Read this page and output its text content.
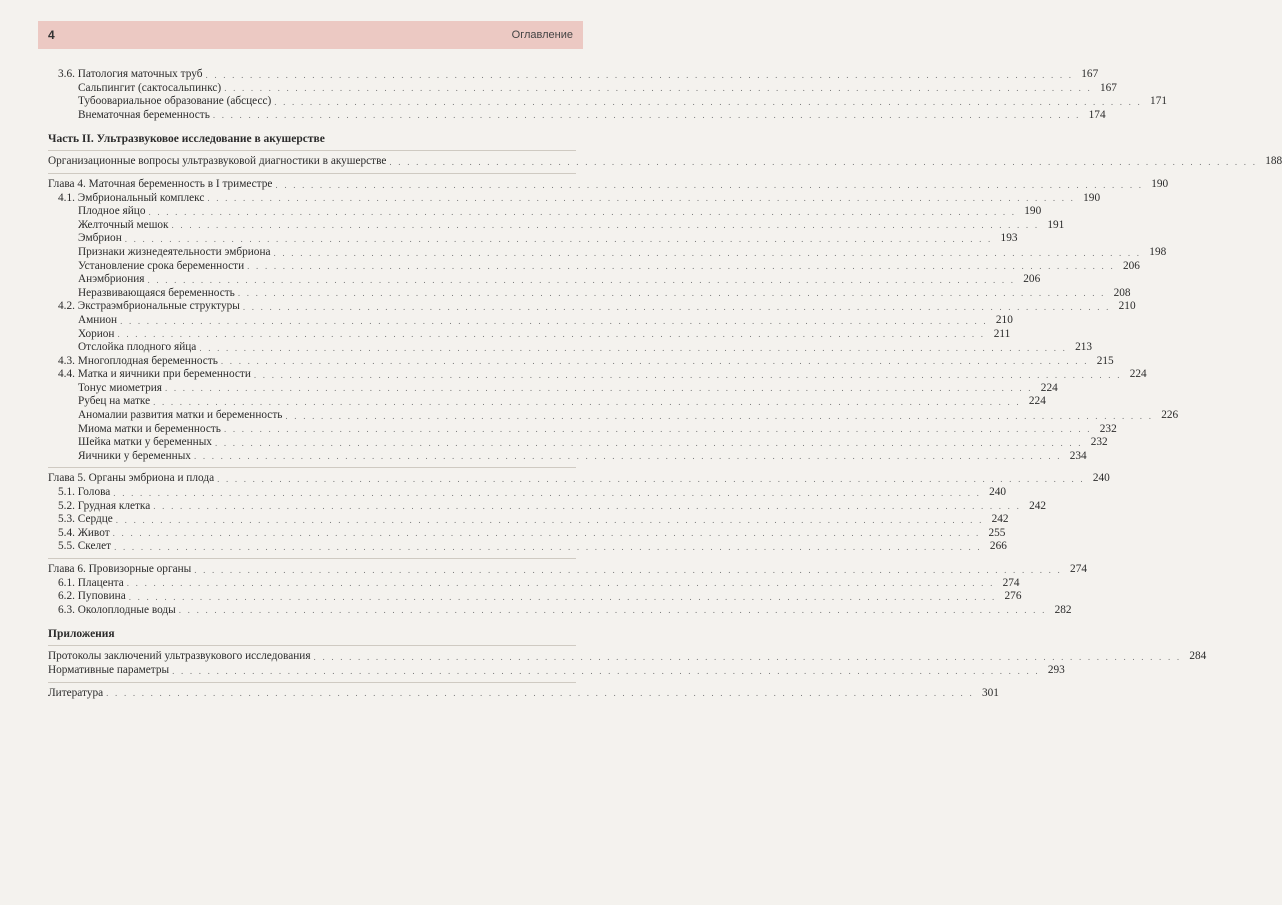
4	Оглавление
3.6. Патология маточных труб . . . . . . . . . . . . . . . . . . . . . . . . . . . . . . . . . . . . . . . . . . . . . . . . . . . . . . . . . . . . . . . . . . . . . . . . . . . . . . . . . . . . . . . . . . . . . . . . . . 167
Сальпингит (сактосальпинкс) . . . . . . . . . . . . . . . . . . . . . . . . . . . . . . . . . . . . . . . . . . . . . . . . . . . . . . . . . . . . . . . . . . . . . . . . . . . . . . . . . . . . . . . . . . . . . . . . . . 167
Тубоовариальное образование (абсцесс) . . . . . . . . . . . . . . . . . . . . . . . . . . . . . . . . . . . . . . . . . . . . . . . . . . . . . . . . . . . . . . . . . . . . . . . . . . . . . . . . . . . . . . . . . . . . . . . . . . 171
Внематочная беременность . . . . . . . . . . . . . . . . . . . . . . . . . . . . . . . . . . . . . . . . . . . . . . . . . . . . . . . . . . . . . . . . . . . . . . . . . . . . . . . . . . . . . . . . . . . . . . . . . . 174
Часть II. Ультразвуковое исследование в акушерстве
Организационные вопросы ультразвуковой диагностики в акушерстве . . . . . . . . . . . . . . . . . . . . . . . . . . . . . . . . . . . . . . . . . . . . . . . . . . . . . . . . . . . . . . . . . . . . . . . . . . . . . . . . . . . . . . . . . . . . . . . . . . 188
Глава 4. Маточная беременность в I триместре . . . . . . . . . . . . . . . . . . . . . . . . . . . . . . . . . . . . . . . . . . . . . . . . . . . . . . . . . . . . . . . . . . . . . . . . . . . . . . . . . . . . . . . . . . . . . . . . . . 190
4.1. Эмбриональный комплекс . . . . . . . . . . . . . . . . . . . . . . . . . . . . . . . . . . . . . . . . . . . . . . . . . . . . . . . . . . . . . . . . . . . . . . . . . . . . . . . . . . . . . . . . . . . . . . . . . . 190
Плодное яйцо . . . . . . . . . . . . . . . . . . . . . . . . . . . . . . . . . . . . . . . . . . . . . . . . . . . . . . . . . . . . . . . . . . . . . . . . . . . . . . . . . . . . . . . . . . . . . . . . . . 190
Желточный мешок . . . . . . . . . . . . . . . . . . . . . . . . . . . . . . . . . . . . . . . . . . . . . . . . . . . . . . . . . . . . . . . . . . . . . . . . . . . . . . . . . . . . . . . . . . . . . . . . . . 191
Эмбрион . . . . . . . . . . . . . . . . . . . . . . . . . . . . . . . . . . . . . . . . . . . . . . . . . . . . . . . . . . . . . . . . . . . . . . . . . . . . . . . . . . . . . . . . . . . . . . . . . . 193
Признаки жизнедеятельности эмбриона . . . . . . . . . . . . . . . . . . . . . . . . . . . . . . . . . . . . . . . . . . . . . . . . . . . . . . . . . . . . . . . . . . . . . . . . . . . . . . . . . . . . . . . . . . . . . . . . . . 198
Установление срока беременности . . . . . . . . . . . . . . . . . . . . . . . . . . . . . . . . . . . . . . . . . . . . . . . . . . . . . . . . . . . . . . . . . . . . . . . . . . . . . . . . . . . . . . . . . . . . . . . . . . 206
Анэмбриония . . . . . . . . . . . . . . . . . . . . . . . . . . . . . . . . . . . . . . . . . . . . . . . . . . . . . . . . . . . . . . . . . . . . . . . . . . . . . . . . . . . . . . . . . . . . . . . . . . 206
Неразвивающаяся беременность . . . . . . . . . . . . . . . . . . . . . . . . . . . . . . . . . . . . . . . . . . . . . . . . . . . . . . . . . . . . . . . . . . . . . . . . . . . . . . . . . . . . . . . . . . . . . . . . . . 208
4.2. Экстраэмбриональные структуры . . . . . . . . . . . . . . . . . . . . . . . . . . . . . . . . . . . . . . . . . . . . . . . . . . . . . . . . . . . . . . . . . . . . . . . . . . . . . . . . . . . . . . . . . . . . . . . . . . 210
Амнион . . . . . . . . . . . . . . . . . . . . . . . . . . . . . . . . . . . . . . . . . . . . . . . . . . . . . . . . . . . . . . . . . . . . . . . . . . . . . . . . . . . . . . . . . . . . . . . . . . 210
Хорион . . . . . . . . . . . . . . . . . . . . . . . . . . . . . . . . . . . . . . . . . . . . . . . . . . . . . . . . . . . . . . . . . . . . . . . . . . . . . . . . . . . . . . . . . . . . . . . . . . 211
Отслойка плодного яйца . . . . . . . . . . . . . . . . . . . . . . . . . . . . . . . . . . . . . . . . . . . . . . . . . . . . . . . . . . . . . . . . . . . . . . . . . . . . . . . . . . . . . . . . . . . . . . . . . . 213
4.3. Многоплодная беременность . . . . . . . . . . . . . . . . . . . . . . . . . . . . . . . . . . . . . . . . . . . . . . . . . . . . . . . . . . . . . . . . . . . . . . . . . . . . . . . . . . . . . . . . . . . . . . . . . . 215
4.4. Матка и яичники при беременности . . . . . . . . . . . . . . . . . . . . . . . . . . . . . . . . . . . . . . . . . . . . . . . . . . . . . . . . . . . . . . . . . . . . . . . . . . . . . . . . . . . . . . . . . . . . . . . . . . 224
Тонус миометрия . . . . . . . . . . . . . . . . . . . . . . . . . . . . . . . . . . . . . . . . . . . . . . . . . . . . . . . . . . . . . . . . . . . . . . . . . . . . . . . . . . . . . . . . . . . . . . . . . . 224
Рубец на матке . . . . . . . . . . . . . . . . . . . . . . . . . . . . . . . . . . . . . . . . . . . . . . . . . . . . . . . . . . . . . . . . . . . . . . . . . . . . . . . . . . . . . . . . . . . . . . . . . . 224
Аномалии развития матки и беременность . . . . . . . . . . . . . . . . . . . . . . . . . . . . . . . . . . . . . . . . . . . . . . . . . . . . . . . . . . . . . . . . . . . . . . . . . . . . . . . . . . . . . . . . . . . . . . . . . . 226
Миома матки и беременность . . . . . . . . . . . . . . . . . . . . . . . . . . . . . . . . . . . . . . . . . . . . . . . . . . . . . . . . . . . . . . . . . . . . . . . . . . . . . . . . . . . . . . . . . . . . . . . . . . 232
Шейка матки у беременных . . . . . . . . . . . . . . . . . . . . . . . . . . . . . . . . . . . . . . . . . . . . . . . . . . . . . . . . . . . . . . . . . . . . . . . . . . . . . . . . . . . . . . . . . . . . . . . . . . 232
Яичники у беременных . . . . . . . . . . . . . . . . . . . . . . . . . . . . . . . . . . . . . . . . . . . . . . . . . . . . . . . . . . . . . . . . . . . . . . . . . . . . . . . . . . . . . . . . . . . . . . . . . . 234
Глава 5. Органы эмбриона и плода . . . . . . . . . . . . . . . . . . . . . . . . . . . . . . . . . . . . . . . . . . . . . . . . . . . . . . . . . . . . . . . . . . . . . . . . . . . . . . . . . . . . . . . . . . . . . . . . . . 240
5.1. Голова . . . . . . . . . . . . . . . . . . . . . . . . . . . . . . . . . . . . . . . . . . . . . . . . . . . . . . . . . . . . . . . . . . . . . . . . . . . . . . . . . . . . . . . . . . . . . . . . . . 240
5.2. Грудная клетка . . . . . . . . . . . . . . . . . . . . . . . . . . . . . . . . . . . . . . . . . . . . . . . . . . . . . . . . . . . . . . . . . . . . . . . . . . . . . . . . . . . . . . . . . . . . . . . . . . 242
5.3. Сердце . . . . . . . . . . . . . . . . . . . . . . . . . . . . . . . . . . . . . . . . . . . . . . . . . . . . . . . . . . . . . . . . . . . . . . . . . . . . . . . . . . . . . . . . . . . . . . . . . . 242
5.4. Живот . . . . . . . . . . . . . . . . . . . . . . . . . . . . . . . . . . . . . . . . . . . . . . . . . . . . . . . . . . . . . . . . . . . . . . . . . . . . . . . . . . . . . . . . . . . . . . . . . . 255
5.5. Скелет . . . . . . . . . . . . . . . . . . . . . . . . . . . . . . . . . . . . . . . . . . . . . . . . . . . . . . . . . . . . . . . . . . . . . . . . . . . . . . . . . . . . . . . . . . . . . . . . . . 266
Глава 6. Провизорные органы . . . . . . . . . . . . . . . . . . . . . . . . . . . . . . . . . . . . . . . . . . . . . . . . . . . . . . . . . . . . . . . . . . . . . . . . . . . . . . . . . . . . . . . . . . . . . . . . . . 274
6.1. Плацента . . . . . . . . . . . . . . . . . . . . . . . . . . . . . . . . . . . . . . . . . . . . . . . . . . . . . . . . . . . . . . . . . . . . . . . . . . . . . . . . . . . . . . . . . . . . . . . . . . 274
6.2. Пуповина . . . . . . . . . . . . . . . . . . . . . . . . . . . . . . . . . . . . . . . . . . . . . . . . . . . . . . . . . . . . . . . . . . . . . . . . . . . . . . . . . . . . . . . . . . . . . . . . . . 276
6.3. Околоплодные воды . . . . . . . . . . . . . . . . . . . . . . . . . . . . . . . . . . . . . . . . . . . . . . . . . . . . . . . . . . . . . . . . . . . . . . . . . . . . . . . . . . . . . . . . . . . . . . . . . . 282
Приложения
Протоколы заключений ультразвукового исследования . . . . . . . . . . . . . . . . . . . . . . . . . . . . . . . . . . . . . . . . . . . . . . . . . . . . . . . . . . . . . . . . . . . . . . . . . . . . . . . . . . . . . . . . . . . . . . . . . . 284
Нормативные параметры . . . . . . . . . . . . . . . . . . . . . . . . . . . . . . . . . . . . . . . . . . . . . . . . . . . . . . . . . . . . . . . . . . . . . . . . . . . . . . . . . . . . . . . . . . . . . . . . . . 293
Литература . . . . . . . . . . . . . . . . . . . . . . . . . . . . . . . . . . . . . . . . . . . . . . . . . . . . . . . . . . . . . . . . . . . . . . . . . . . . . . . . . . . . . . . . . . . . . . . . . . 301
